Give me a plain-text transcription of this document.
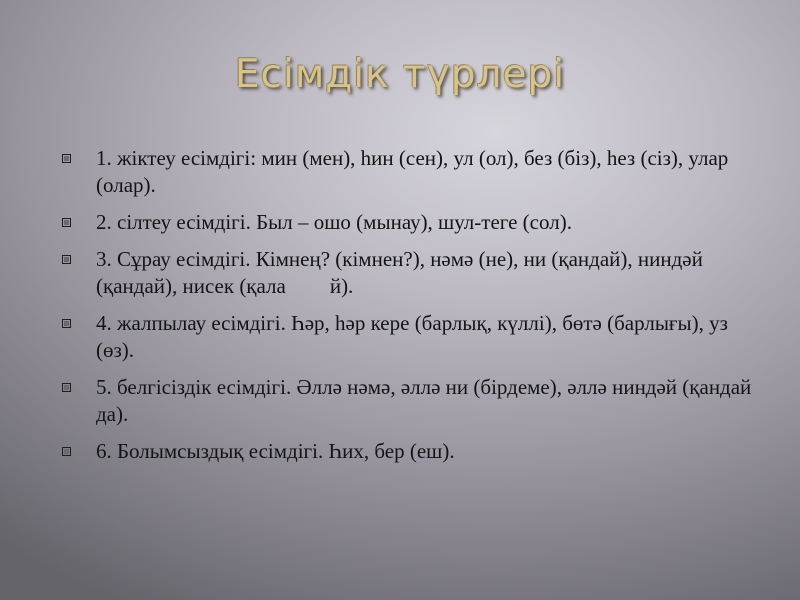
Есімдік түрлері
1. жіктеу есімдігі: мин (мен), һин (сен), ул (ол), без (біз), һез (сіз), улар (олар).
2. сілтеу есімдігі. Был – ошо (мынау), шул-теге (сол).
3. Сұрау есімдігі. Кімнең? (кімнен?), нәмә (не), ни (қандай), ниндәй (қандай), нисек (қала й).
4. жалпылау есімдігі. Һәр, һәр кере (барлық, күллі), бөтә (барлығы), уз (өз).
5. белгісіздік есімдігі. Әллә нәмә, әллә ни (бірдеме), әллә ниндәй (қандай да).
6. Болымсыздық есімдігі. Һих, бер (еш).
